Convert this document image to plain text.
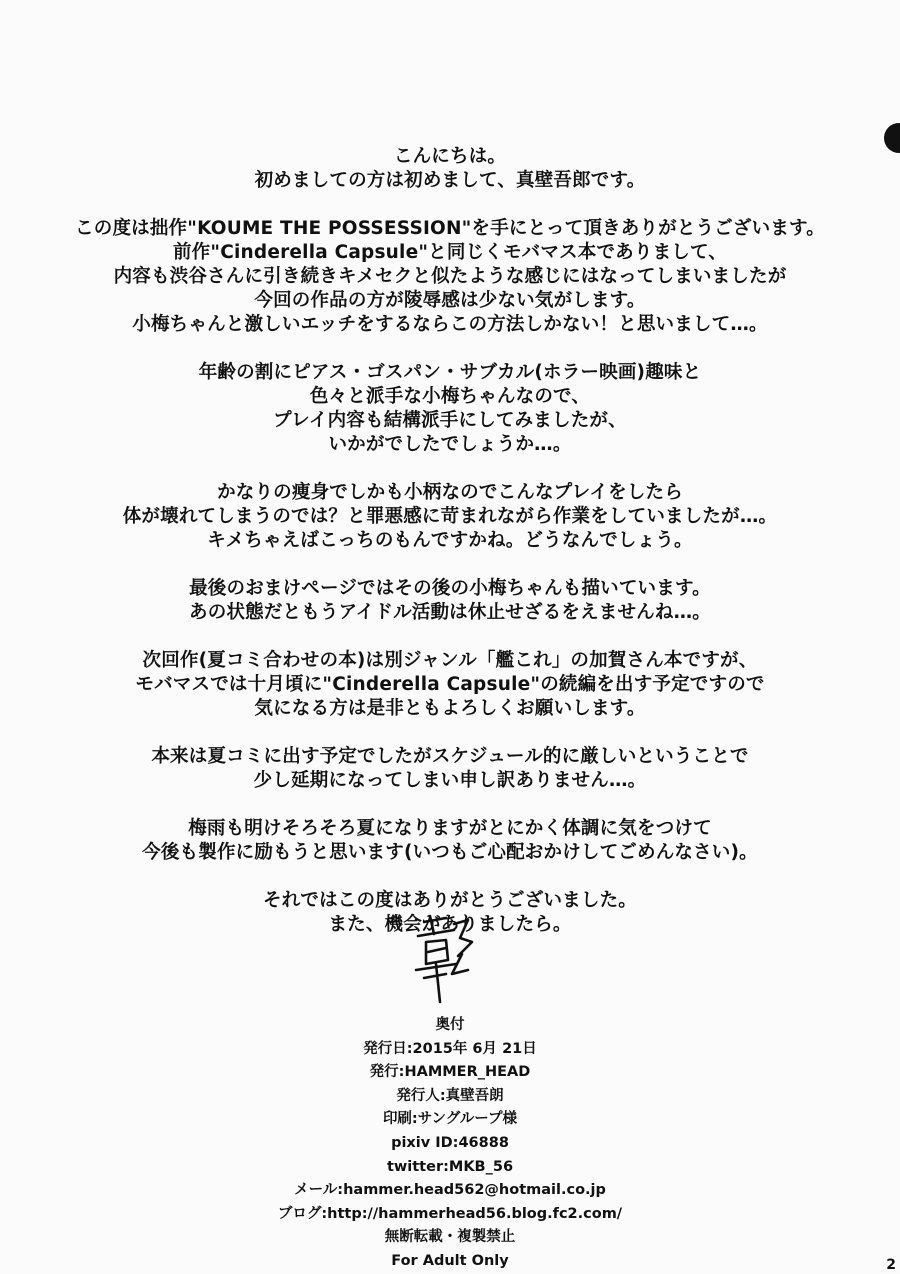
こんにちは。
初めましての方は初めまして、真壁吾郎です。
この度は拙作"KOUME THE POSSESSION"を手にとって頂きありがとうございます。
前作"Cinderella Capsule"と同じくモバマス本でありまして、
内容も渋谷さんに引き続きキメセクと似たような感じにはなってしまいましたが
今回の作品の方が陵辱感は少ない気がします。
小梅ちゃんと激しいエッチをするならこの方法しかない！と思いまして…。
年齢の割にピアス・ゴスパン・サブカル(ホラー映画)趣味と
色々と派手な小梅ちゃんなので、
プレイ内容も結構派手にしてみましたが、
いかがでしたでしょうか…。
かなりの痩身でしかも小柄なのでこんなプレイをしたら
体が壊れてしまうのでは？と罪悪感に苛まれながら作業をしていましたが…。
キメちゃえばこっちのもんですかね。どうなんでしょう。
最後のおまけページではその後の小梅ちゃんも描いています。
あの状態だともうアイドル活動は休止せざるをえませんね…。
次回作(夏コミ合わせの本)は別ジャンル「艦これ」の加賀さん本ですが、
モバマスでは十月頃に"Cinderella Capsule"の続編を出す予定ですので
気になる方は是非ともよろしくお願いします。
本来は夏コミに出す予定でしたがスケジュール的に厳しいということで
少し延期になってしまい申し訳ありません…。
梅雨も明けそろそろ夏になりますがとにかく体調に気をつけて
今後も製作に励もうと思います(いつもご心配おかけしてごめんなさい)。
それではこの度はありがとうございました。
また、機会がありましたら。
奥付
発行日:2015年 6月 21日
発行:HAMMER_HEAD
発行人:真壁吾朗
印刷:サングループ様
pixiv ID:46888
twitter:MKB_56
メール:hammer.head562@hotmail.co.jp
ブログ:http://hammerhead56.blog.fc2.com/
無断転載・複製禁止
For Adult Only	2
